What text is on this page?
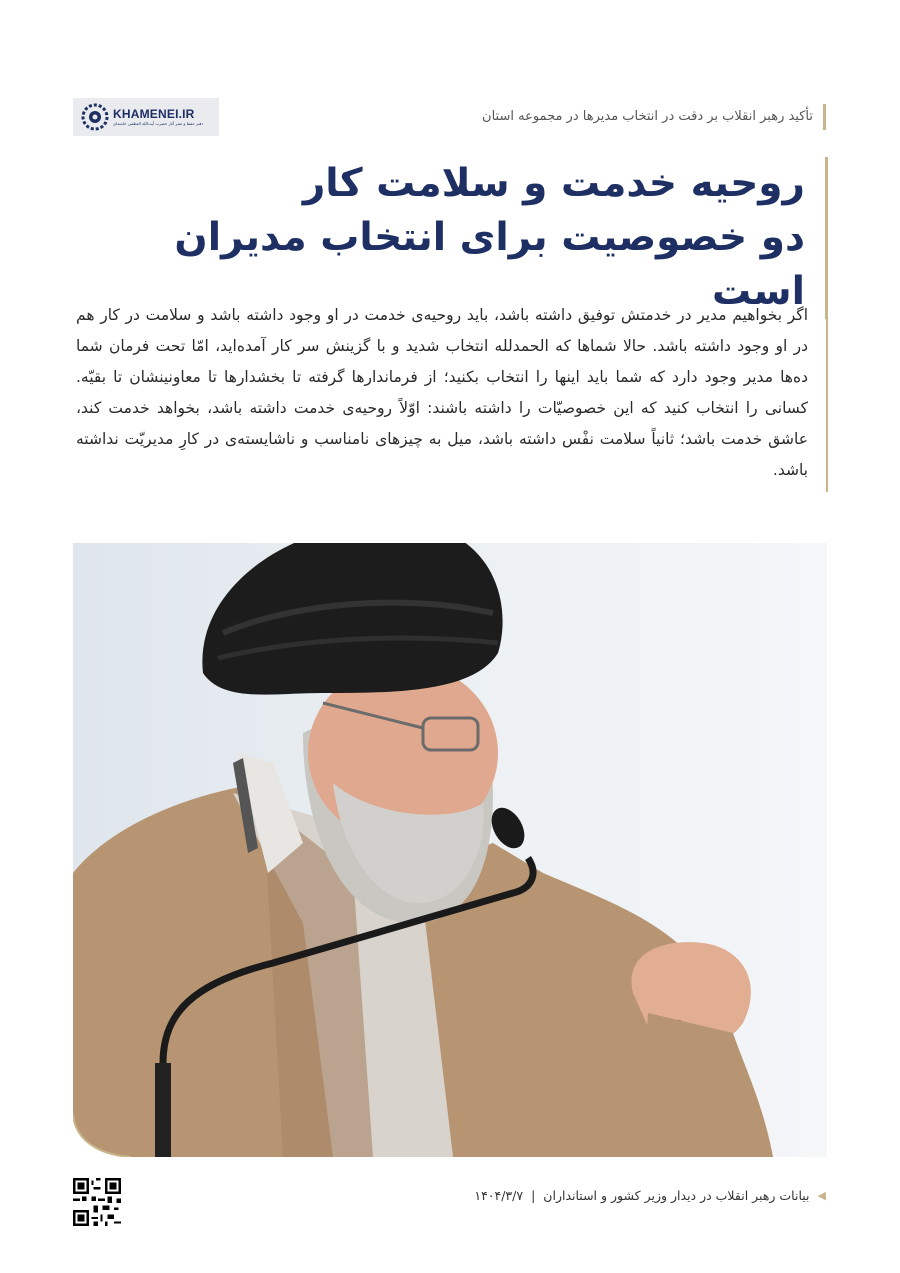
KHAMENEI.IR
دفتر حفظ و نشر آثار حضرت آیت‌الله العظمی خامنه‌ای	تأکید رهبر انقلاب بر دقت در انتخاب مدیرها در مجموعه استان
روحیه خدمت و سلامت کار
دو خصوصیت برای انتخاب مدیران است

اگر بخواهیم مدیر در خدمتش توفیق داشته باشد، باید روحیه‌ی خدمت در او وجود داشته باشد و سلامت در کار هم در او وجود داشته باشد. حالا شماها که الحمدلله انتخاب شدید و با گزینش سر کار آمده‌اید، امّا تحت فرمان شما ده‌ها مدیر وجود دارد که شما باید اینها را انتخاب بکنید؛ از فرماندارها گرفته تا بخشدارها تا معاونینشان تا بقیّه. کسانی را انتخاب کنید که این خصوصیّات را داشته باشند: اوّلاً روحیه‌ی خدمت داشته باشد، بخواهد خدمت کند، عاشق خدمت باشد؛ ثانیاً سلامت نفْس داشته باشد، میل به چیزهای نامناسب و ناشایسته‌ی در کارِ مدیریّت نداشته باشد.

◀
بیانات رهبر انقلاب در دیدار وزیر کشور و استانداران
|
۱۴۰۴/۳/۷
